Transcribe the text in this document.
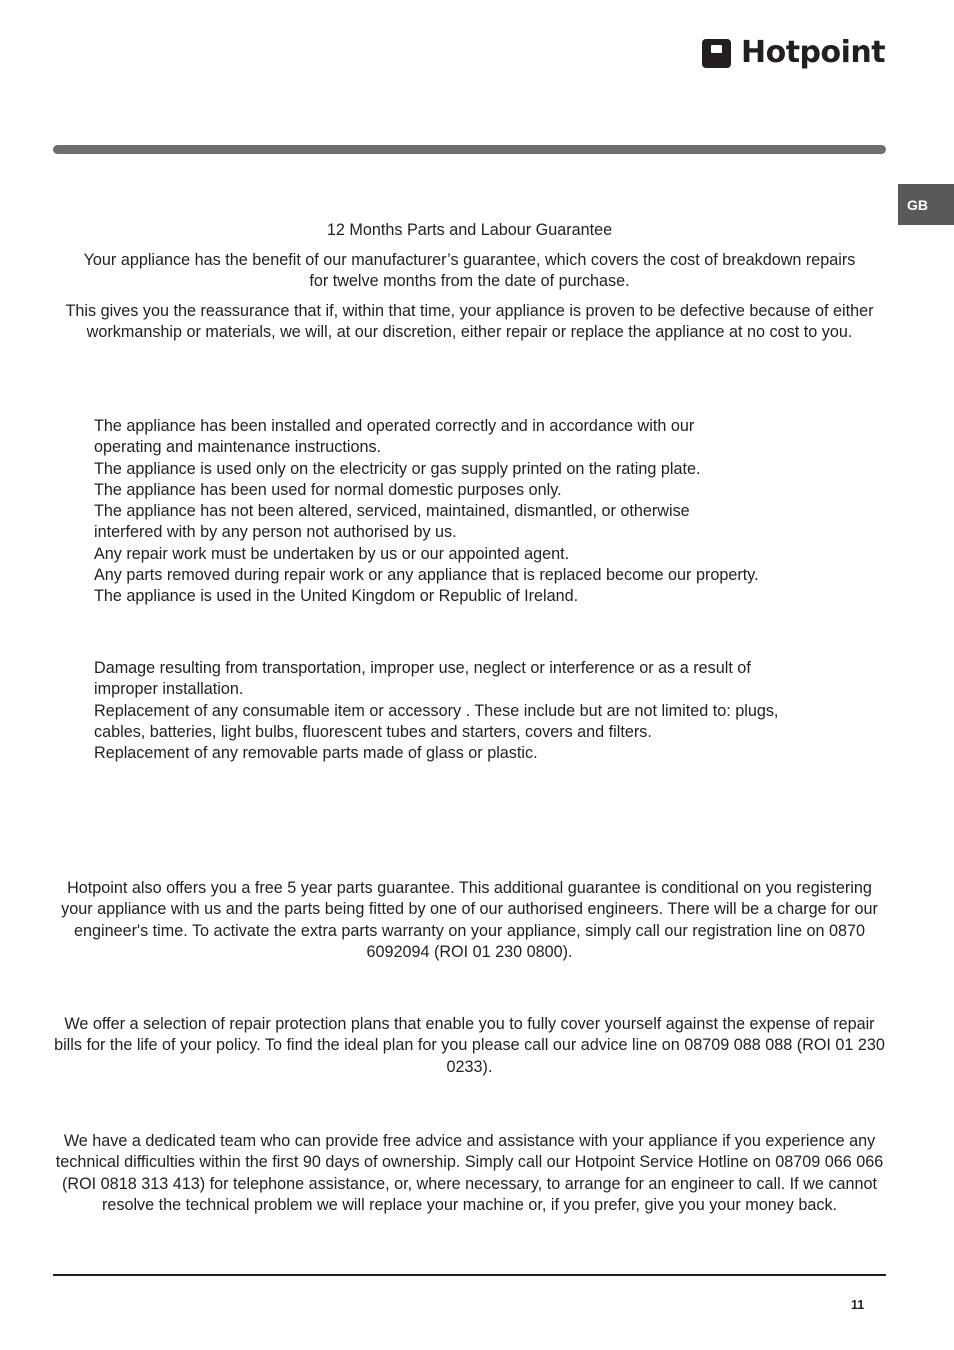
Hotpoint
GB

12 Months Parts and Labour Guarantee

Your appliance has the benefit of our manufacturer’s guarantee, which covers the cost of breakdown repairs for twelve months from the date of purchase.

This gives you the reassurance that if, within that time, your appliance is proven to be defective because of either workmanship or materials, we will, at our discretion, either repair or replace the appliance at no cost to you.

The appliance has been installed and operated correctly and in accordance with our operating and maintenance instructions.
The appliance is used only on the electricity or gas supply printed on the rating plate.
The appliance has been used for normal domestic purposes only.
The appliance has not been altered, serviced, maintained, dismantled, or otherwise interfered with by any person not authorised by us.
Any repair work must be undertaken by us or our appointed agent.
Any parts removed during repair work or any appliance that is replaced become our property.
The appliance is used in the United Kingdom or Republic of Ireland.
Damage resulting from transportation, improper use, neglect or interference or as a result of improper installation.
Replacement of any consumable item or accessory . These include but are not limited to: plugs, cables, batteries, light bulbs, fluorescent tubes and starters, covers and filters.
Replacement of any removable parts made of glass or plastic.

Hotpoint also offers you a free 5 year parts guarantee. This additional guarantee is conditional on you registering your appliance with us and the parts being fitted by one of our authorised engineers. There will be a charge for our engineer's time. To activate the extra parts warranty on your appliance, simply call our registration line on 0870 6092094 (ROI 01 230 0800).

We offer a selection of repair protection plans that enable you to fully cover yourself against the expense of repair bills for the life of your policy. To find the ideal plan for you please call our advice line on 08709 088 088 (ROI 01 230 0233).

We have a dedicated team who can provide free advice and assistance with your appliance if you experience any technical difficulties within the first 90 days of ownership. Simply call our Hotpoint Service Hotline on 08709 066 066 (ROI 0818 313 413) for telephone assistance, or, where necessary, to arrange for an engineer to call. If we cannot resolve the technical problem we will replace your machine or, if you prefer, give you your money back.

11
